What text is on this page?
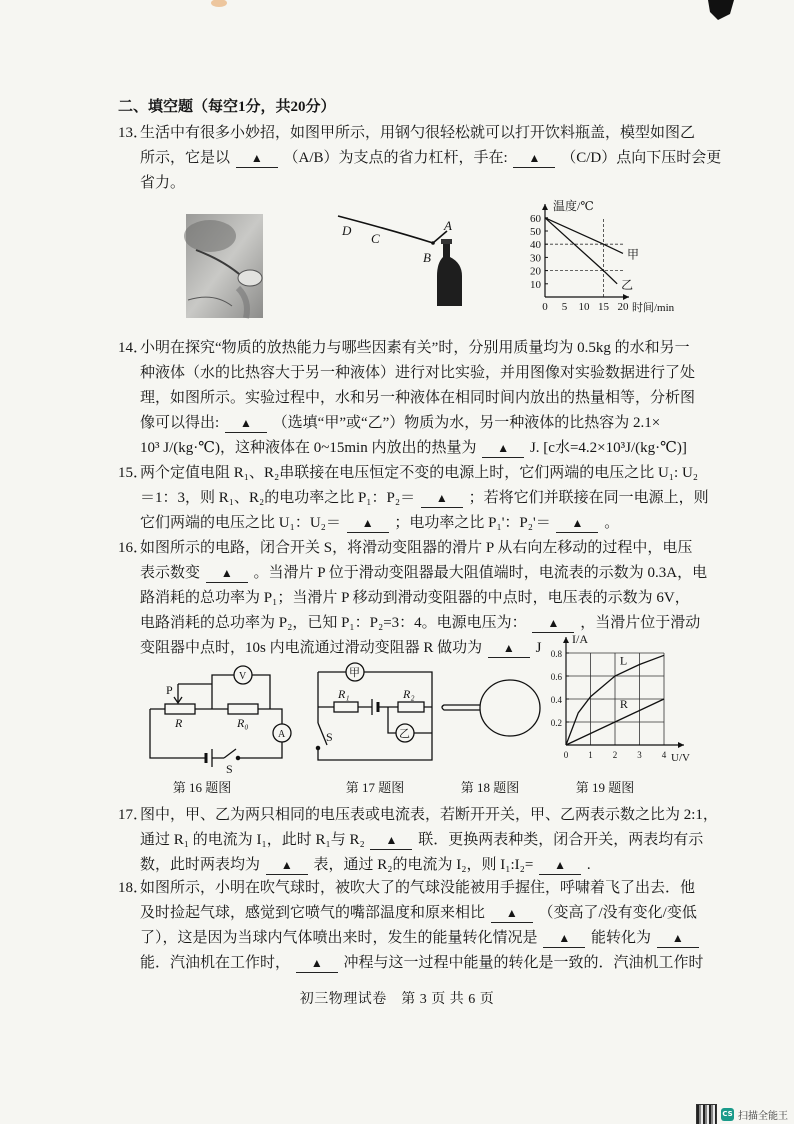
D
C
A
B
60
50
40
30
20
10
0 5 10 15 20
温度/℃
时间/min
甲
乙
P
R
V
R₀
A
S
甲
R₁	R₂
乙
S
0.8
0.6
0.4
0.2
0 1 2 3 4
I/A
U/V
L
R
第 16 题图	第 17 题图	第 18 题图	第 19 题图
二、填空题（每空1分，共20分）
13．
生活中有很多小妙招，如图甲所示，用钢勺很轻松就可以打开饮料瓶盖，模型如图乙
所示，它是以 ▲ （A/B）为支点的省力杠杆，手在: ▲ （C/D）点向下压时会更
省力。
14．
小明在探究“物质的放热能力与哪些因素有关”时，分别用质量均为 0.5kg 的水和另一
种液体（水的比热容大于另一种液体）进行对比实验，并用图像对实验数据进行了处
理，如图所示。实验过程中，水和另一种液体在相同时间内放出的热量相等，分析图
像可以得出: ▲ （选填“甲”或“乙”）物质为水，另一种液体的比热容为 2.1×
10³ J/(kg·℃)，这种液体在 0~15min 内放出的热量为 ▲ J. [c水=4.2×10³J/(kg·℃)]
15．
两个定值电阻 R₁、R₂串联接在电压恒定不变的电源上时，它们两端的电压之比 U₁: U₂
＝1：3，则 R₁、R₂的电功率之比 P₁：P₂＝ ▲ ；若将它们并联接在同一电源上，则
它们两端的电压之比 U₁：U₂＝ ▲ ；电功率之比 P₁'：P₂'＝ ▲ 。
16．
如图所示的电路，闭合开关 S，将滑动变阻器的滑片 P 从右向左移动的过程中，电压
表示数变 ▲ 。当滑片 P 位于滑动变阻器最大阻值端时，电流表的示数为 0.3A，电
路消耗的总功率为 P₁；当滑片 P 移动到滑动变阻器的中点时，电压表的示数为 6V，
电路消耗的总功率为 P₂，已知 P₁：P₂=3：4。电源电压为： ▲ ，当滑片位于滑动
变阻器中点时，10s 内电流通过滑动变阻器 R 做功为 ▲ J
17．
图中，甲、乙为两只相同的电压表或电流表，若断开开关，甲、乙两表示数之比为 2:1，
通过 R₁ 的电流为 I₁，此时 R₁与 R₂ ▲ 联．更换两表种类，闭合开关，两表均有示
数，此时两表均为 ▲ 表，通过 R₂的电流为 I₂，则 I₁:I₂= ▲ .
18．
如图所示，小明在吹气球时，被吹大了的气球没能被用手握住，呼啸着飞了出去．他
及时捡起气球，感觉到它喷气的嘴部温度和原来相比 ▲ （变高了/没有变化/变低
了），这是因为当球内气体喷出来时，发生的能量转化情况是 ▲ 能转化为 ▲
能．汽油机在工作时， ▲ 冲程与这一过程中能量的转化是一致的．汽油机工作时
初三物理试卷　第 3 页 共 6 页
CS 扫描全能王
